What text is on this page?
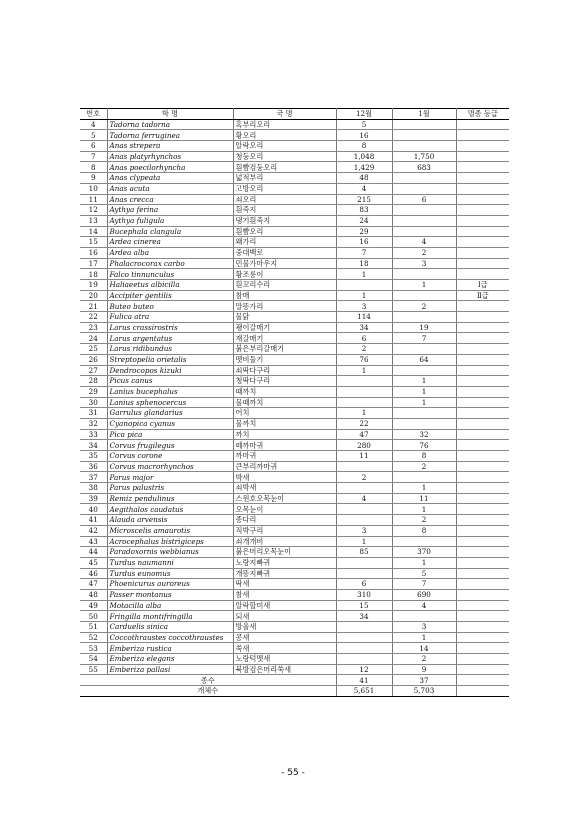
번호	학 명	국 명	12월	1월	멸종 등급
4	Tadorna tadorna	혹부리오리	5		
5	Tadorna ferruginea	황오리	16		
6	Anas strepera	알락오리	8		
7	Anas platyrhynchos	청둥오리	1,048	1,750	
8	Anas poecilorhyncha	흰뺨검둥오리	1,429	683	
9	Anas clypeata	넓적부리	48		
10	Anas acuta	고방오리	4		
11	Anas crecca	쇠오리	215	6	
12	Aythya ferina	흰죽지	83		
13	Aythya fuligula	댕기흰죽지	24		
14	Bucephala clangula	흰뺨오리	29		
15	Ardea cinerea	왜가리	16	4	
16	Ardea alba	중대백로	7	2	
17	Phalacrocorax carbo	민물가마우지	18	3	
18	Falco tinnunculus	황조롱이	1		
19	Haliaeetus albicilla	흰꼬리수리		1	Ⅰ급
20	Accipiter gentilis	참매	1		Ⅱ급
21	Buteo buteo	말똥가리	3	2	
22	Fulica atra	물닭	114		
23	Larus crassirostris	괭이갈매기	34	19	
24	Larus argentatus	재갈매기	6	7	
25	Larus ridibundus	붉은부리갈매기	2		
26	Streptopelia orietalis	멧비둘기	76	64	
27	Dendrocopos kizuki	쇠딱다구리	1		
28	Picus canus	청딱다구리		1	
29	Lanius bucephalus	때까치		1	
30	Lanius sphenocercus	물때까치		1	
31	Garrulus glandarius	어치	1		
32	Cyanopica cyanus	물까치	22		
33	Pica pica	까치	47	32	
34	Corvus frugilegus	떼까마귀	280	76	
35	Corvus corone	까마귀	11	8	
36	Corvus macrorhynchos	큰부리까마귀		2	
37	Parus major	박새	2		
38	Parus palustris	쇠박새		1	
39	Remiz pendulinus	스윈호오목눈이	4	11	
40	Aegithalos caudatus	오목눈이		1	
41	Alauda arvensis	종다리		2	
42	Microscelis amaurotis	직박구리	3	8	
43	Acrocephalus bistrigiceps	쇠개개비	1		
44	Paradoxornis webbianus	붉은머리오목눈이	85	370	
45	Turdus naumanni	노랑지빠귀		1	
46	Turdus eunomus	개똥지빠귀		5	
47	Phoenicurus auroreus	딱새	6	7	
48	Passer montanus	참새	310	690	
49	Motacilla alba	알락할미새	15	4	
50	Fringilla montifringilla	되새	34		
51	Carduelis sinica	방울새		3	
52	Coccothraustes coccothraustes	콩새		1	
53	Emberiza rustica	쑥새		14	
54	Emberiza elegans	노랑턱멧새		2	
55	Emberiza pallasi	북방검은머리쑥새	12	9	
종수			41	37	
개체수			5,651	5,703	
- 55 -
